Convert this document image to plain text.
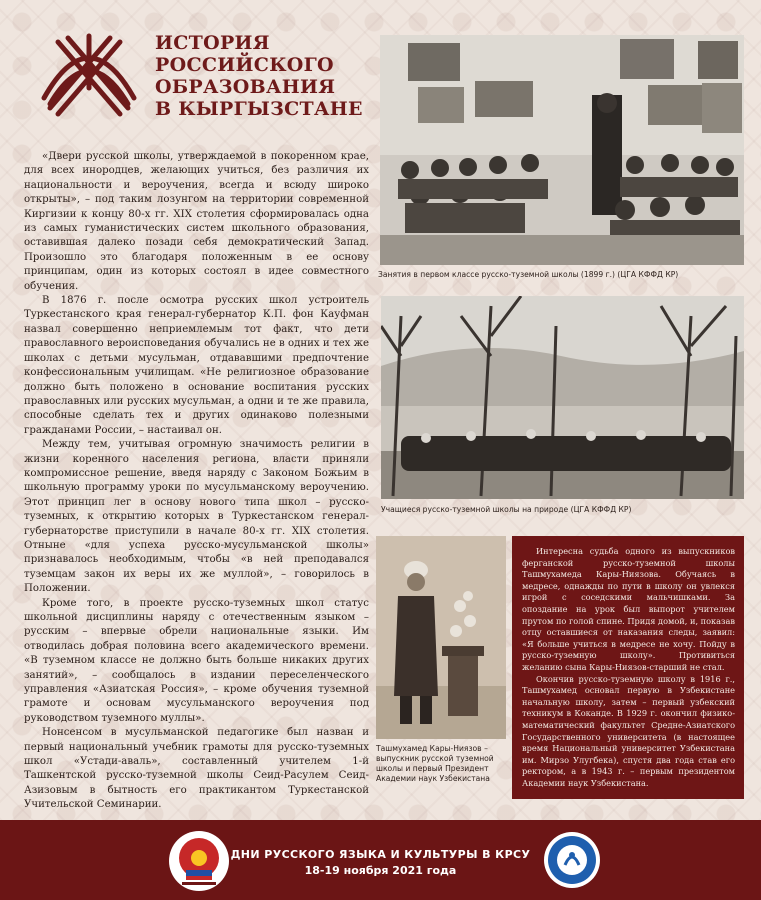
ИСТОРИЯ
РОССИЙСКОГО
ОБРАЗОВАНИЯ
В КЫРГЫЗСТАНЕ

«Двери русской школы, утверждаемой в покоренном крае, для всех инородцев, желающих учиться, без различия их национальности и вероучения, всегда и всюду широко открыты», – под таким лозунгом на территории современной Киргизии к концу 80-х гг. XIX столетия сформировалась одна из самых гуманистических систем школьного образования, оставившая далеко позади себя демократический Запад. Произошло это благодаря положенным в ее основу принципам, один из которых состоял в идее совместного обучения.

В 1876 г. после осмотра русских школ устроитель Туркестанского края генерал-губернатор К.П. фон Кауфман назвал совершенно неприемлемым тот факт, что дети православного вероисповедания обучались не в одних и тех же школах с детьми мусульман, отдававшими предпочтение конфессиональным училищам. «Не религиозное образование должно быть положено в основание воспитания русских православных или русских мусульман, а одни и те же правила, способные сделать тех и других одинаково полезными гражданами России, – настаивал он.

Между тем, учитывая огромную значимость религии в жизни коренного населения региона, власти приняли компромиссное решение, введя наряду с Законом Божьим в школьную программу уроки по мусульманскому вероучению. Этот принцип лег в основу нового типа школ – русско-туземных, к открытию которых в Туркестанском генерал-губернаторстве приступили в начале 80-х гг. XIX столетия. Отныне «для успеха русско-мусульманской школы» признавалось необходимым, чтобы «в ней преподавался туземцам закон их веры их же муллой», – говорилось в Положении.

Кроме того, в проекте русско-туземных школ статус школьной дисциплины наряду с отечественным языком – русским – впервые обрели национальные языки. Им отводилась добрая половина всего академического времени. «В туземном классе не должно быть больше никаких других занятий», – сообщалось в издании переселенческого управления «Азиатская Россия», – кроме обучения туземной грамоте и основам мусульманского вероучения под руководством туземного муллы».

Нонсенсом в мусульманской педагогике был назван и первый национальный учебник грамоты для русско-туземных школ «Устади-аваль», составленный учителем 1-й Ташкентской русско-туземной школы Сеид-Расулем Сеид-Азизовым в бытность его практикантом Туркестанской Учительской Семинарии.

Занятия в первом классе русско-туземной школы (1899 г.) (ЦГА КФФД КР)
Учащиеся русско-туземной школы на природе (ЦГА КФФД КР)
Ташмухамед Кары-Ниязов – выпускник русской туземной школы и первый Президент Академии наук Узбекистана

Интересна судьба одного из выпускников ферганской русско-туземной школы Ташмухамеда Кары-Ниязова. Обучаясь в медресе, однажды по пути в школу он увлекся игрой с соседскими мальчишками. За опоздание на урок был выпорот учителем прутом по голой спине. Придя домой, и, показав отцу оставшиеся от наказания следы, заявил: «Я больше учиться в медресе не хочу. Пойду в русско-туземную школу». Противиться желанию сына Кары-Ниязов-старший не стал.

Окончив русско-туземную школу в 1916 г., Ташмухамед основал первую в Узбекистане начальную школу, затем – первый узбекский техникум в Коканде. В 1929 г. окончил физико-математический факультет Средне-Азиатского Государственного университета (в настоящее время Национальный университет Узбекистана им. Мирзо Улугбека), спустя два года став его ректором, а в 1943 г. – первым президентом Академии наук Узбекистана.

ДНИ РУССКОГО ЯЗЫКА И КУЛЬТУРЫ В КРСУ
18-19 ноября 2021 года
